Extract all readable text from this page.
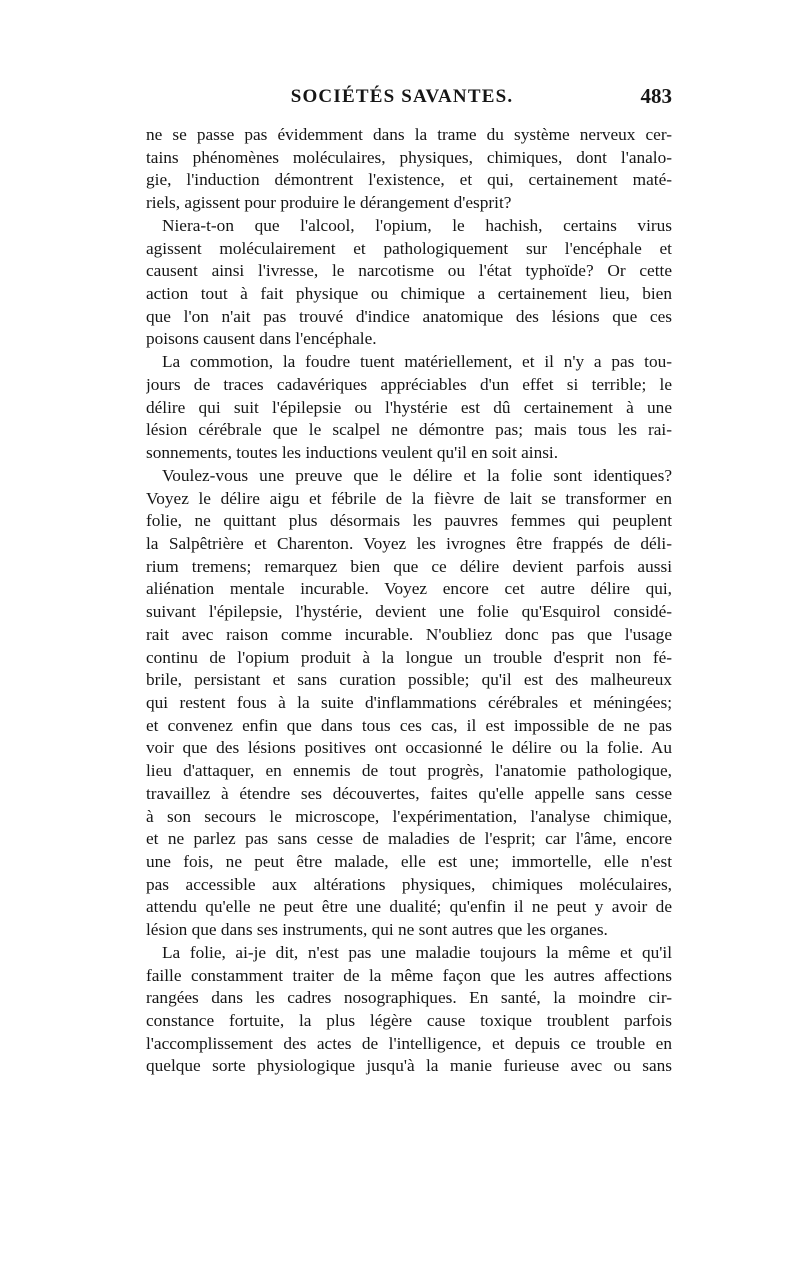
SOCIÉTÉS SAVANTES.	483
ne se passe pas évidemment dans la trame du système nerveux cer-
tains phénomènes moléculaires, physiques, chimiques, dont l'analo-
gie, l'induction démontrent l'existence, et qui, certainement maté-
riels, agissent pour produire le dérangement d'esprit?
Niera-t-on que l'alcool, l'opium, le hachish, certains virus
agissent moléculairement et pathologiquement sur l'encéphale et
causent ainsi l'ivresse, le narcotisme ou l'état typhoïde? Or cette
action tout à fait physique ou chimique a certainement lieu, bien
que l'on n'ait pas trouvé d'indice anatomique des lésions que ces
poisons causent dans l'encéphale.
La commotion, la foudre tuent matériellement, et il n'y a pas tou-
jours de traces cadavériques appréciables d'un effet si terrible; le
délire qui suit l'épilepsie ou l'hystérie est dû certainement à une
lésion cérébrale que le scalpel ne démontre pas; mais tous les rai-
sonnements, toutes les inductions veulent qu'il en soit ainsi.
Voulez-vous une preuve que le délire et la folie sont identiques?
Voyez le délire aigu et fébrile de la fièvre de lait se transformer en
folie, ne quittant plus désormais les pauvres femmes qui peuplent
la Salpêtrière et Charenton. Voyez les ivrognes être frappés de déli-
rium tremens; remarquez bien que ce délire devient parfois aussi
aliénation mentale incurable. Voyez encore cet autre délire qui,
suivant l'épilepsie, l'hystérie, devient une folie qu'Esquirol considé-
rait avec raison comme incurable. N'oubliez donc pas que l'usage
continu de l'opium produit à la longue un trouble d'esprit non fé-
brile, persistant et sans curation possible; qu'il est des malheureux
qui restent fous à la suite d'inflammations cérébrales et méningées;
et convenez enfin que dans tous ces cas, il est impossible de ne pas
voir que des lésions positives ont occasionné le délire ou la folie. Au
lieu d'attaquer, en ennemis de tout progrès, l'anatomie pathologique,
travaillez à étendre ses découvertes, faites qu'elle appelle sans cesse
à son secours le microscope, l'expérimentation, l'analyse chimique,
et ne parlez pas sans cesse de maladies de l'esprit; car l'âme, encore
une fois, ne peut être malade, elle est une; immortelle, elle n'est
pas accessible aux altérations physiques, chimiques moléculaires,
attendu qu'elle ne peut être une dualité; qu'enfin il ne peut y avoir de
lésion que dans ses instruments, qui ne sont autres que les organes.
La folie, ai-je dit, n'est pas une maladie toujours la même et qu'il
faille constamment traiter de la même façon que les autres affections
rangées dans les cadres nosographiques. En santé, la moindre cir-
constance fortuite, la plus légère cause toxique troublent parfois
l'accomplissement des actes de l'intelligence, et depuis ce trouble en
quelque sorte physiologique jusqu'à la manie furieuse avec ou sans
